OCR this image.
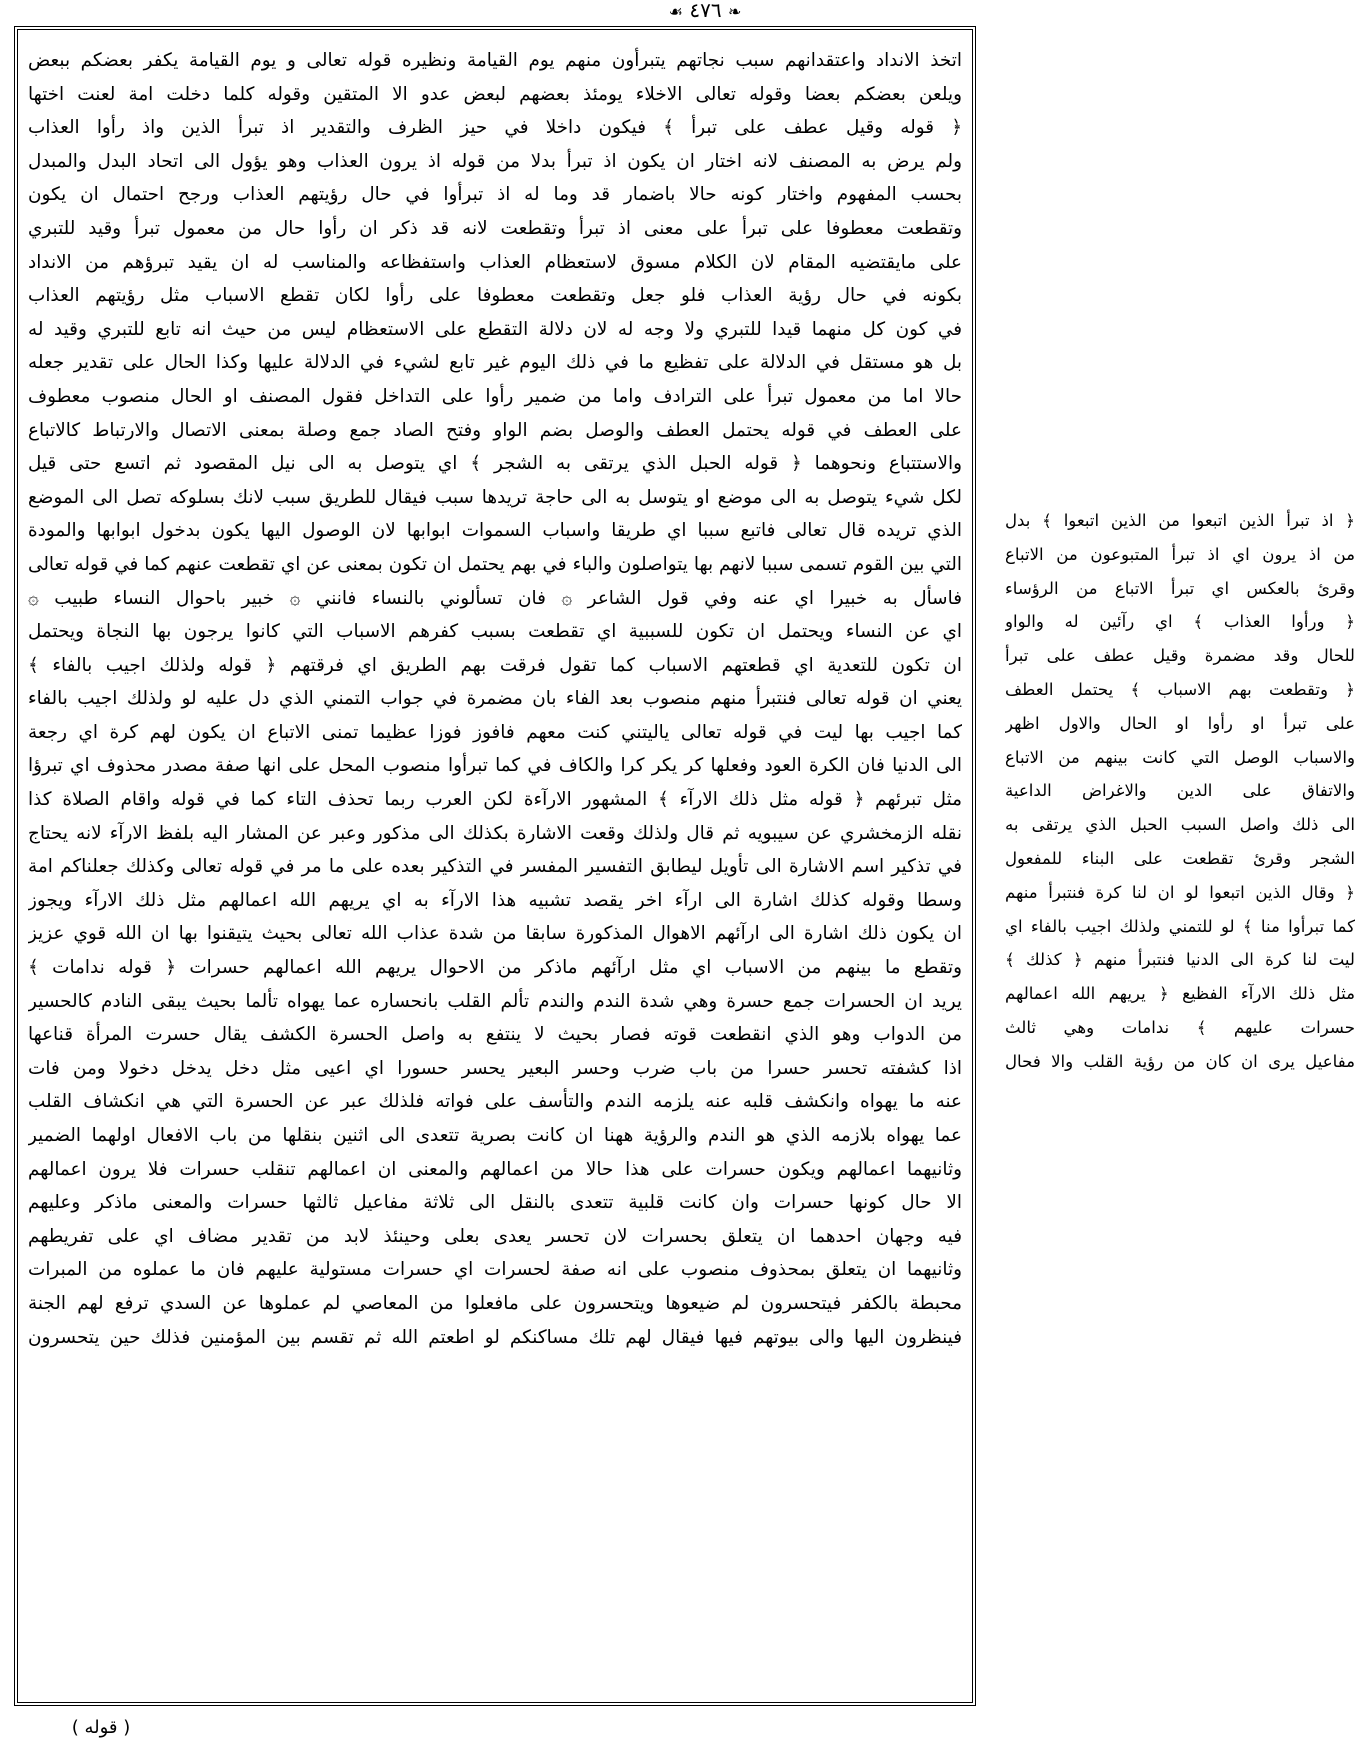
❧ ٤٧٦ ☙
اتخذ الانداد واعتقدانهم سبب نجاتهم يتبرأون منهم يوم القيامة ونظيره قوله تعالى و يوم القيامة يكفر بعضكم ببعض
ويلعن بعضكم بعضا وقوله تعالى الاخلاء يومئذ بعضهم لبعض عدو الا المتقين وقوله كلما دخلت امة لعنت اختها
﴿ قوله وقيل عطف على تبرأ ﴾ فيكون داخلا في حيز الظرف والتقدير اذ تبرأ الذين واذ رأوا العذاب
ولم يرض به المصنف لانه اختار ان يكون اذ تبرأ بدلا من قوله اذ يرون العذاب وهو يؤول الى اتحاد البدل والمبدل
بحسب المفهوم واختار كونه حالا باضمار قد وما له اذ تبرأوا في حال رؤيتهم العذاب ورجح احتمال ان يكون
وتقطعت معطوفا على تبرأ على معنى اذ تبرأ وتقطعت لانه قد ذكر ان رأوا حال من معمول تبرأ وقيد للتبري
على مايقتضيه المقام لان الكلام مسوق لاستعظام العذاب واستفظاعه والمناسب له ان يقيد تبرؤهم من الانداد
بكونه في حال رؤية العذاب فلو جعل وتقطعت معطوفا على رأوا لكان تقطع الاسباب مثل رؤيتهم العذاب
في كون كل منهما قيدا للتبري ولا وجه له لان دلالة التقطع على الاستعظام ليس من حيث انه تابع للتبري وقيد له
بل هو مستقل في الدلالة على تفظيع ما في ذلك اليوم غير تابع لشيء في الدلالة عليها وكذا الحال على تقدير جعله
حالا اما من معمول تبرأ على الترادف واما من ضمير رأوا على التداخل فقول المصنف او الحال منصوب معطوف
على العطف في قوله يحتمل العطف والوصل بضم الواو وفتح الصاد جمع وصلة بمعنى الاتصال والارتباط كالاتباع
والاستتباع ونحوهما ﴿ قوله الحبل الذي يرتقى به الشجر ﴾ اي يتوصل به الى نيل المقصود ثم اتسع حتى قيل
لكل شيء يتوصل به الى موضع او يتوسل به الى حاجة تريدها سبب فيقال للطريق سبب لانك بسلوكه تصل الى الموضع
الذي تريده قال تعالى فاتبع سببا اي طريقا واسباب السموات ابوابها لان الوصول اليها يكون بدخول ابوابها والمودة
التي بين القوم تسمى سببا لانهم بها يتواصلون والباء في بهم يحتمل ان تكون بمعنى عن اي تقطعت عنهم كما في قوله تعالى
فاسأل به خبيرا اي عنه وفي قول الشاعر ۞ فان تسألوني بالنساء فانني ۞ خبير باحوال النساء طبيب ۞
اي عن النساء ويحتمل ان تكون للسببية اي تقطعت بسبب كفرهم الاسباب التي كانوا يرجون بها النجاة ويحتمل
ان تكون للتعدية اي قطعتهم الاسباب كما تقول فرقت بهم الطريق اي فرقتهم ﴿ قوله ولذلك اجيب بالفاء ﴾
يعني ان قوله تعالى فنتبرأ منهم منصوب بعد الفاء بان مضمرة في جواب التمني الذي دل عليه لو ولذلك اجيب بالفاء
كما اجيب بها ليت في قوله تعالى ياليتني كنت معهم فافوز فوزا عظيما تمنى الاتباع ان يكون لهم كرة اي رجعة
الى الدنيا فان الكرة العود وفعلها كر يكر كرا والكاف في كما تبرأوا منصوب المحل على انها صفة مصدر محذوف اي تبرؤا
مثل تبرئهم ﴿ قوله مثل ذلك الارآء ﴾ المشهور الارآءة لكن العرب ربما تحذف التاء كما في قوله واقام الصلاة كذا
نقله الزمخشري عن سيبويه ثم قال ولذلك وقعت الاشارة بكذلك الى مذكور وعبر عن المشار اليه بلفظ الارآء لانه يحتاج
في تذكير اسم الاشارة الى تأويل ليطابق التفسير المفسر في التذكير بعده على ما مر في قوله تعالى وكذلك جعلناكم امة
وسطا وقوله كذلك اشارة الى ارآء اخر يقصد تشبيه هذا الارآء به اي يريهم الله اعمالهم مثل ذلك الارآء ويجوز
ان يكون ذلك اشارة الى ارآئهم الاهوال المذكورة سابقا من شدة عذاب الله تعالى بحيث يتيقنوا بها ان الله قوي عزيز
وتقطع ما بينهم من الاسباب اي مثل ارآئهم ماذكر من الاحوال يريهم الله اعمالهم حسرات ﴿ قوله ندامات ﴾
يريد ان الحسرات جمع حسرة وهي شدة الندم والندم تألم القلب بانحساره عما يهواه تألما بحيث يبقى النادم كالحسير
من الدواب وهو الذي انقطعت قوته فصار بحيث لا ينتفع به واصل الحسرة الكشف يقال حسرت المرأة قناعها
اذا كشفته تحسر حسرا من باب ضرب وحسر البعير يحسر حسورا اي اعيى مثل دخل يدخل دخولا ومن فات
عنه ما يهواه وانكشف قلبه عنه يلزمه الندم والتأسف على فواته فلذلك عبر عن الحسرة التي هي انكشاف القلب
عما يهواه بلازمه الذي هو الندم والرؤية ههنا ان كانت بصرية تتعدى الى اثنين بنقلها من باب الافعال اولهما الضمير
وثانيهما اعمالهم ويكون حسرات على هذا حالا من اعمالهم والمعنى ان اعمالهم تنقلب حسرات فلا يرون اعمالهم
الا حال كونها حسرات وان كانت قلبية تتعدى بالنقل الى ثلاثة مفاعيل ثالثها حسرات والمعنى ماذكر وعليهم
فيه وجهان احدهما ان يتعلق بحسرات لان تحسر يعدى بعلى وحينئذ لابد من تقدير مضاف اي على تفريطهم
وثانيهما ان يتعلق بمحذوف منصوب على انه صفة لحسرات اي حسرات مستولية عليهم فان ما عملوه من المبرات
محبطة بالكفر فيتحسرون لم ضيعوها ويتحسرون على مافعلوا من المعاصي لم عملوها عن السدي ترفع لهم الجنة
فينظرون اليها والى بيوتهم فيها فيقال لهم تلك مساكنكم لو اطعتم الله ثم تقسم بين المؤمنين فذلك حين يتحسرون
﴿ اذ تبرأ الذين اتبعوا من الذين اتبعوا ﴾ بدل
من اذ يرون اي اذ تبرأ المتبوعون من الاتباع
وقرئ بالعكس اي تبرأ الاتباع من الرؤساء
﴿ ورأوا العذاب ﴾ اي رآئين له والواو
للحال وقد مضمرة وقيل عطف على تبرأ
﴿ وتقطعت بهم الاسباب ﴾ يحتمل العطف
على تبرأ او رأوا او الحال والاول اظهر
والاسباب الوصل التي كانت بينهم من الاتباع
والاتفاق على الدين والاغراض الداعية
الى ذلك واصل السبب الحبل الذي يرتقى به
الشجر وقرئ تقطعت على البناء للمفعول
﴿ وقال الذين اتبعوا لو ان لنا كرة فنتبرأ منهم
كما تبرأوا منا ﴾ لو للتمني ولذلك اجيب بالفاء اي
ليت لنا كرة الى الدنيا فنتبرأ منهم ﴿ كذلك ﴾
مثل ذلك الارآء الفظيع ﴿ يريهم الله اعمالهم
حسرات عليهم ﴾ ندامات وهي ثالث
مفاعيل يرى ان كان من رؤية القلب والا فحال
( قوله )
